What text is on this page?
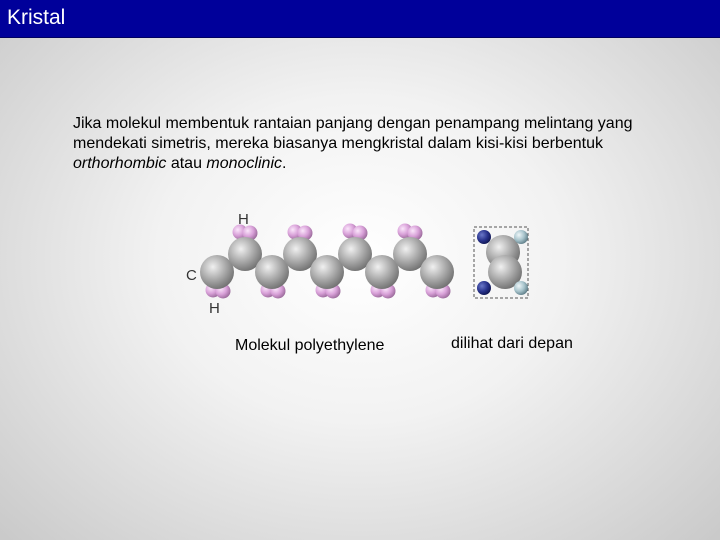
Kristal
Jika molekul membentuk rantaian panjang dengan penampang melintang yang mendekati simetris, mereka biasanya mengkristal dalam kisi-kisi berbentuk orthorhombic atau monoclinic.
H
C
H
Molekul polyethylene	dilihat dari depan
